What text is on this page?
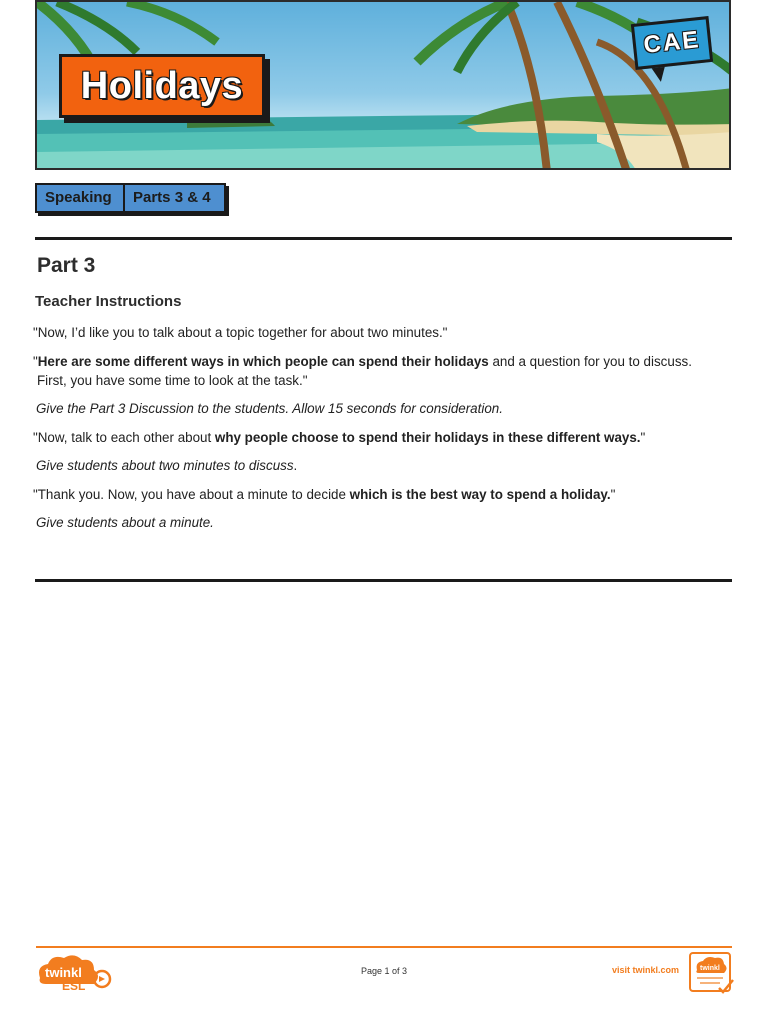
Holidays
CAE
Speaking	Parts 3 & 4
Part 3
Teacher Instructions
"Now, I’d like you to talk about a topic together for about two minutes."
"Here are some different ways in which people can spend their holidays and a question for you to discuss.
First, you have some time to look at the task."
Give the Part 3 Discussion to the students. Allow 15 seconds for consideration.
"Now, talk to each other about why people choose to spend their holidays in these different ways."
Give students about two minutes to discuss.
"Thank you. Now, you have about a minute to decide which is the best way to spend a holiday."
Give students about a minute.
twinkl
ESL
Page 1 of 3	visit twinkl.com	twinkl
